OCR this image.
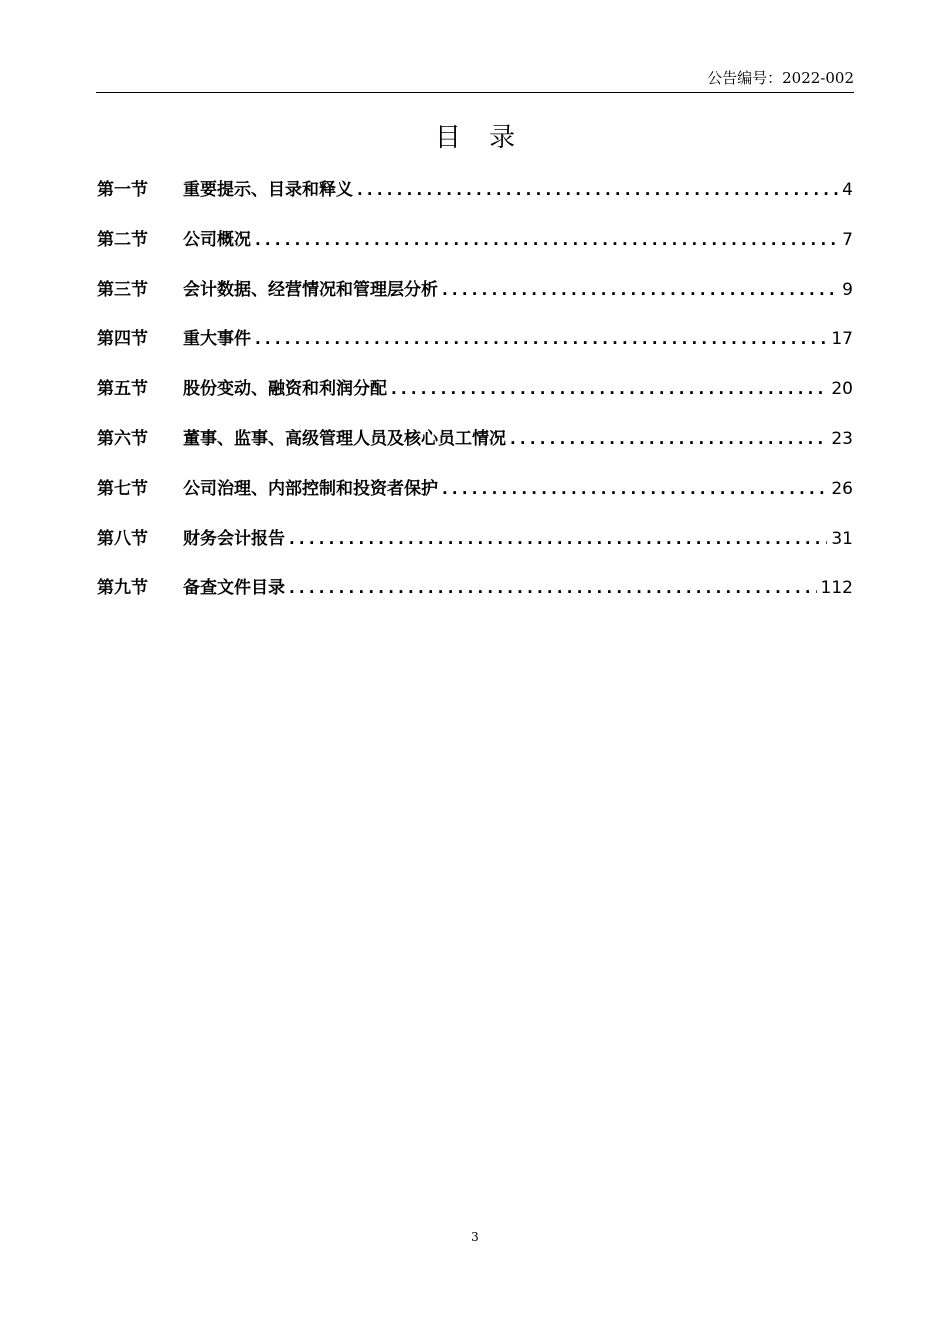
公告编号：2022-002
目 录
第一节	重要提示、目录和释义 . . .	4
第二节	公司概况 . . .	7
第三节	会计数据、经营情况和管理层分析 . . .	9
第四节	重大事件 . . .	17
第五节	股份变动、融资和利润分配 . . .	20
第六节	董事、监事、高级管理人员及核心员工情况 . . .	23
第七节	公司治理、内部控制和投资者保护 . . .	26
第八节	财务会计报告 . . .	31
第九节	备查文件目录 . . .	112
3
